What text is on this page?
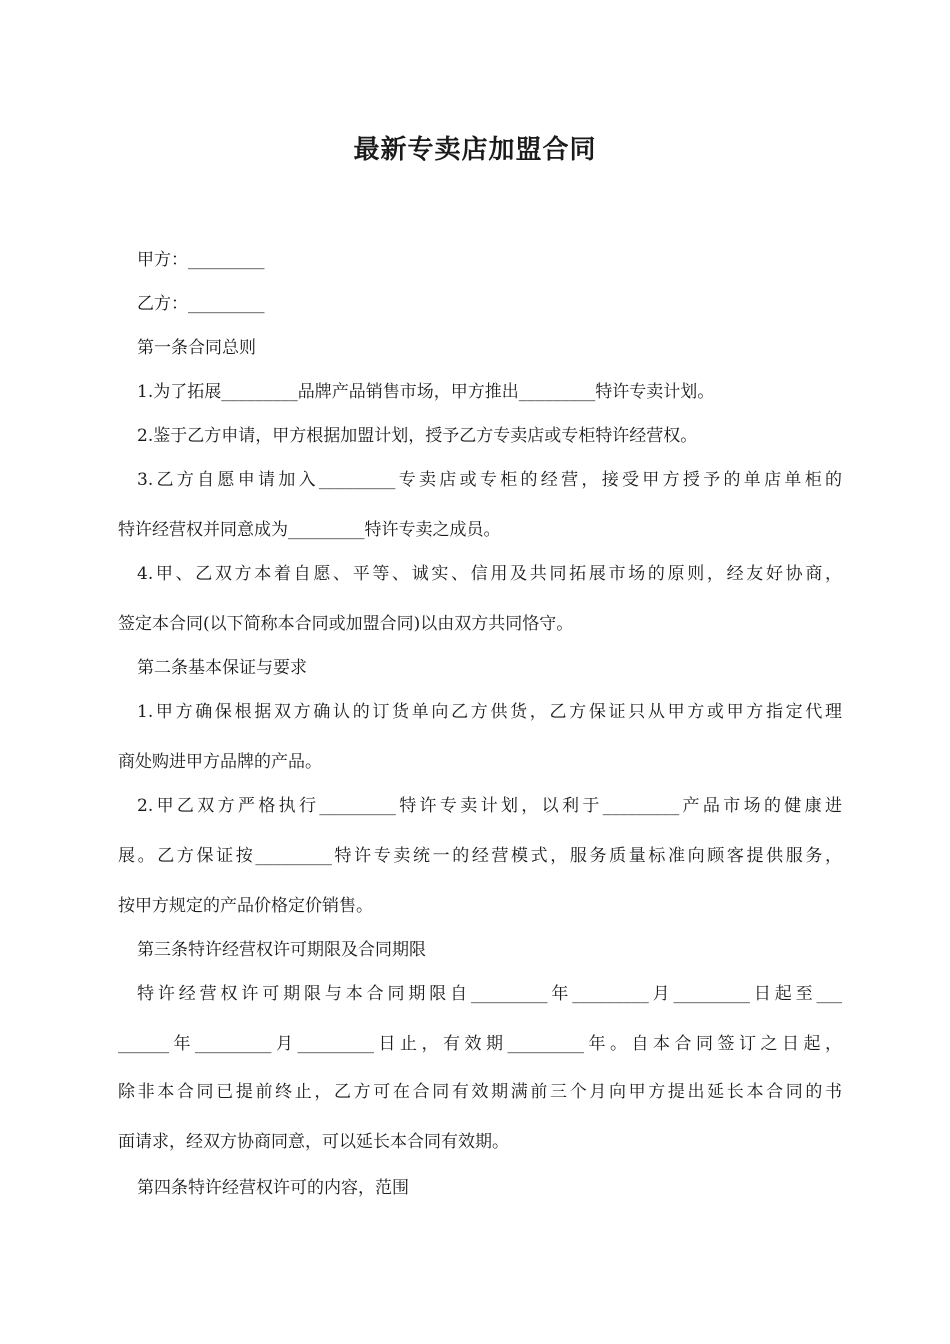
最新专卖店加盟合同

甲方：_________

乙方：_________

第一条合同总则

1.为了拓展_________品牌产品销售市场，甲方推出_________特许专卖计划。

2.鉴于乙方申请，甲方根据加盟计划，授予乙方专卖店或专柜特许经营权。

3.乙方自愿申请加入_________专卖店或专柜的经营，接受甲方授予的单店单柜的

特许经营权并同意成为_________特许专卖之成员。

4.甲、乙双方本着自愿、平等、诚实、信用及共同拓展市场的原则，经友好协商，

签定本合同(以下简称本合同或加盟合同)以由双方共同恪守。

第二条基本保证与要求

1.甲方确保根据双方确认的订货单向乙方供货，乙方保证只从甲方或甲方指定代理

商处购进甲方品牌的产品。

2.甲乙双方严格执行_________特许专卖计划，以利于_________产品市场的健康进

展。乙方保证按_________特许专卖统一的经营模式，服务质量标准向顾客提供服务，

按甲方规定的产品价格定价销售。

第三条特许经营权许可期限及合同期限

特许经营权许可期限与本合同期限自_________年_________月_________日起至___

______年_________月_________日止，有效期_________年。自本合同签订之日起，

除非本合同已提前终止，乙方可在合同有效期满前三个月向甲方提出延长本合同的书

面请求，经双方协商同意，可以延长本合同有效期。

第四条特许经营权许可的内容，范围
